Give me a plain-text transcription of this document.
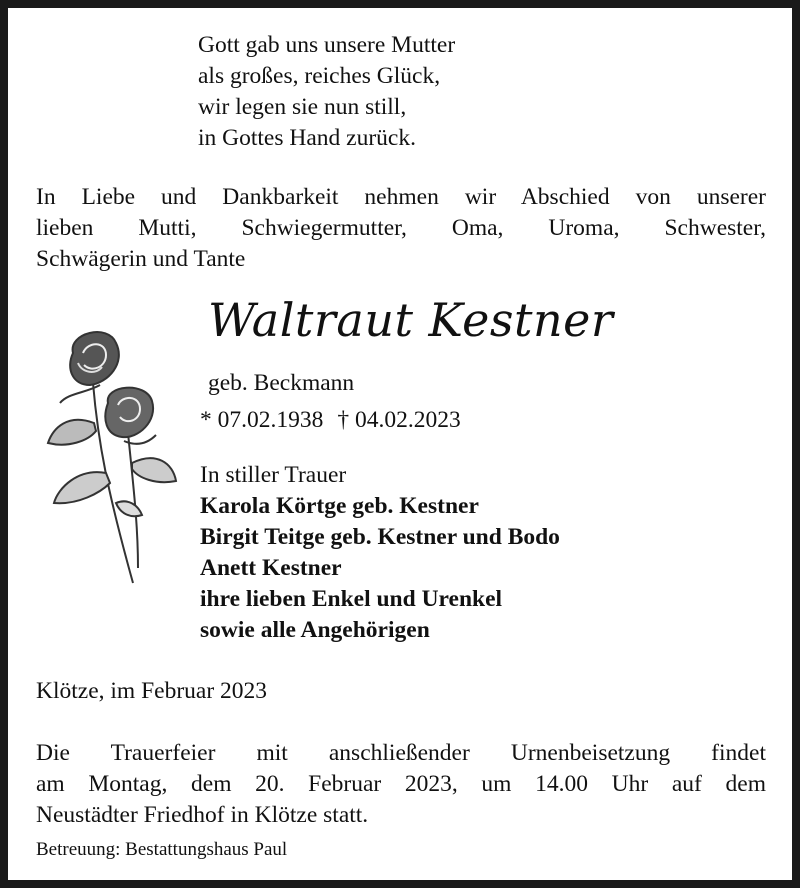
Gott gab uns unsere Mutter
als großes, reiches Glück,
wir legen sie nun still,
in Gottes Hand zurück.
In Liebe und Dankbarkeit nehmen wir Abschied von unserer
lieben Mutti, Schwiegermutter, Oma, Uroma, Schwester,
Schwägerin und Tante
Waltraut Kestner
geb. Beckmann
* 07.02.1938 † 04.02.2023
In stiller Trauer
Karola Körtge geb. Kestner
Birgit Teitge geb. Kestner und Bodo
Anett Kestner
ihre lieben Enkel und Urenkel
sowie alle Angehörigen
Klötze, im Februar 2023
Die Trauerfeier mit anschließender Urnenbeisetzung findet
am Montag, dem 20. Februar 2023, um 14.00 Uhr auf dem
Neustädter Friedhof in Klötze statt.
Betreuung: Bestattungshaus Paul
